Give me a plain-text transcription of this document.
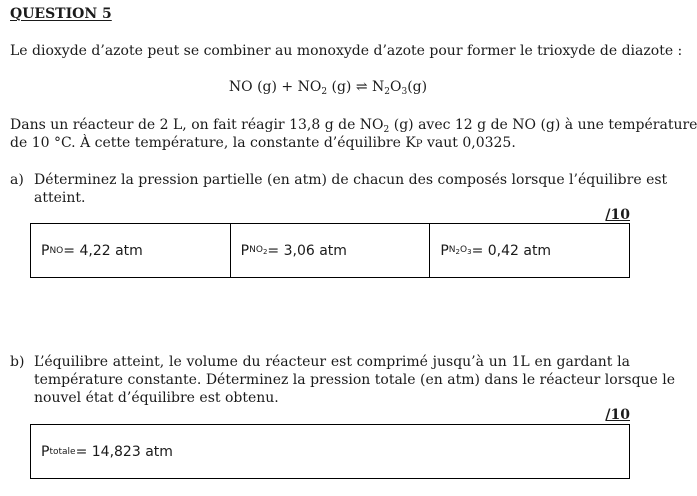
QUESTION 5
Le dioxyde d’azote peut se combiner au monoxyde d’azote pour former le trioxyde de diazote :
NO $(g) + NO_2$ (g) ⇌ $N_2O_3(g)$
Dans un réacteur de 2 L, on fait réagir 13,8 g de $NO_2$ (g) avec 12 g de NO (g) à une température
de 10 °C. À cette température, la constante d’équilibre KP vaut 0,0325.
a) Déterminez la pression partielle (en atm) de chacun des composés lorsque l’équilibre est
atteint.
/10
P NO = 4,22 atm	P $NO_2 = 3,06$ atm	P $N_2O_3 = 0,42$ atm
b) L’équilibre atteint, le volume du réacteur est comprimé jusqu’à un 1L en gardant la
température constante. Déterminez la pression totale (en atm) dans le réacteur lorsque le
nouvel état d’équilibre est obtenu.
/10
P totale = 14,823 atm
